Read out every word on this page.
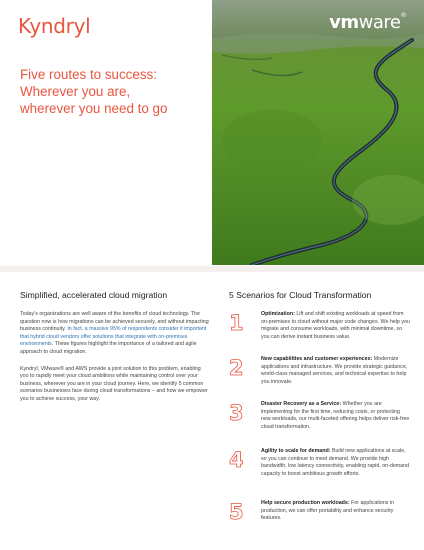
Kyndryl
Five routes to success:
Wherever you are,
wherever you need to go
vmware®
Simplified, accelerated cloud migration

Today’s organizations are well aware of the benefits of cloud technology. The question now is how migrations can be achieved securely, and without impacting business continuity. In fact, a massive 95% of respondents consider it important that hybrid cloud vendors offer solutions that integrate with on-premises environments. These figures highlight the importance of a tailored and agile approach to cloud migration.

Kyndryl, VMware® and AWS provide a joint solution to this problem, enabling you to rapidly meet your cloud ambitions while maintaining control over your business, wherever you are in your cloud journey. Here, we identify 5 common scenarios businesses face during cloud transformations – and how we empower you to achieve success, your way.

5 Scenarios for Cloud Transformation
1	Optimization: Lift and shift existing workloads at speed from on-premises to cloud without major code changes. We help you migrate and consume workloads, with minimal downtime, so you can derive instant business value.
2	New capabilities and customer experiences: Modernize applications and infrastructure. We provide strategic guidance, world-class managed services, and technical expertise to help you innovate.
3	Disaster Recovery as a Service: Whether you are implementing for the first time, reducing costs, or protecting new workloads, our multi-faceted offering helps deliver risk-free cloud transformation.
4	Agility to scale for demand: Build new applications at scale, so you can continue to meet demand. We provide high bandwidth, low latency connectivity, enabling rapid, on-demand capacity to boost ambitious growth efforts.
5	Help secure production workloads: For applications in production, we can offer portability and enhance security features.
